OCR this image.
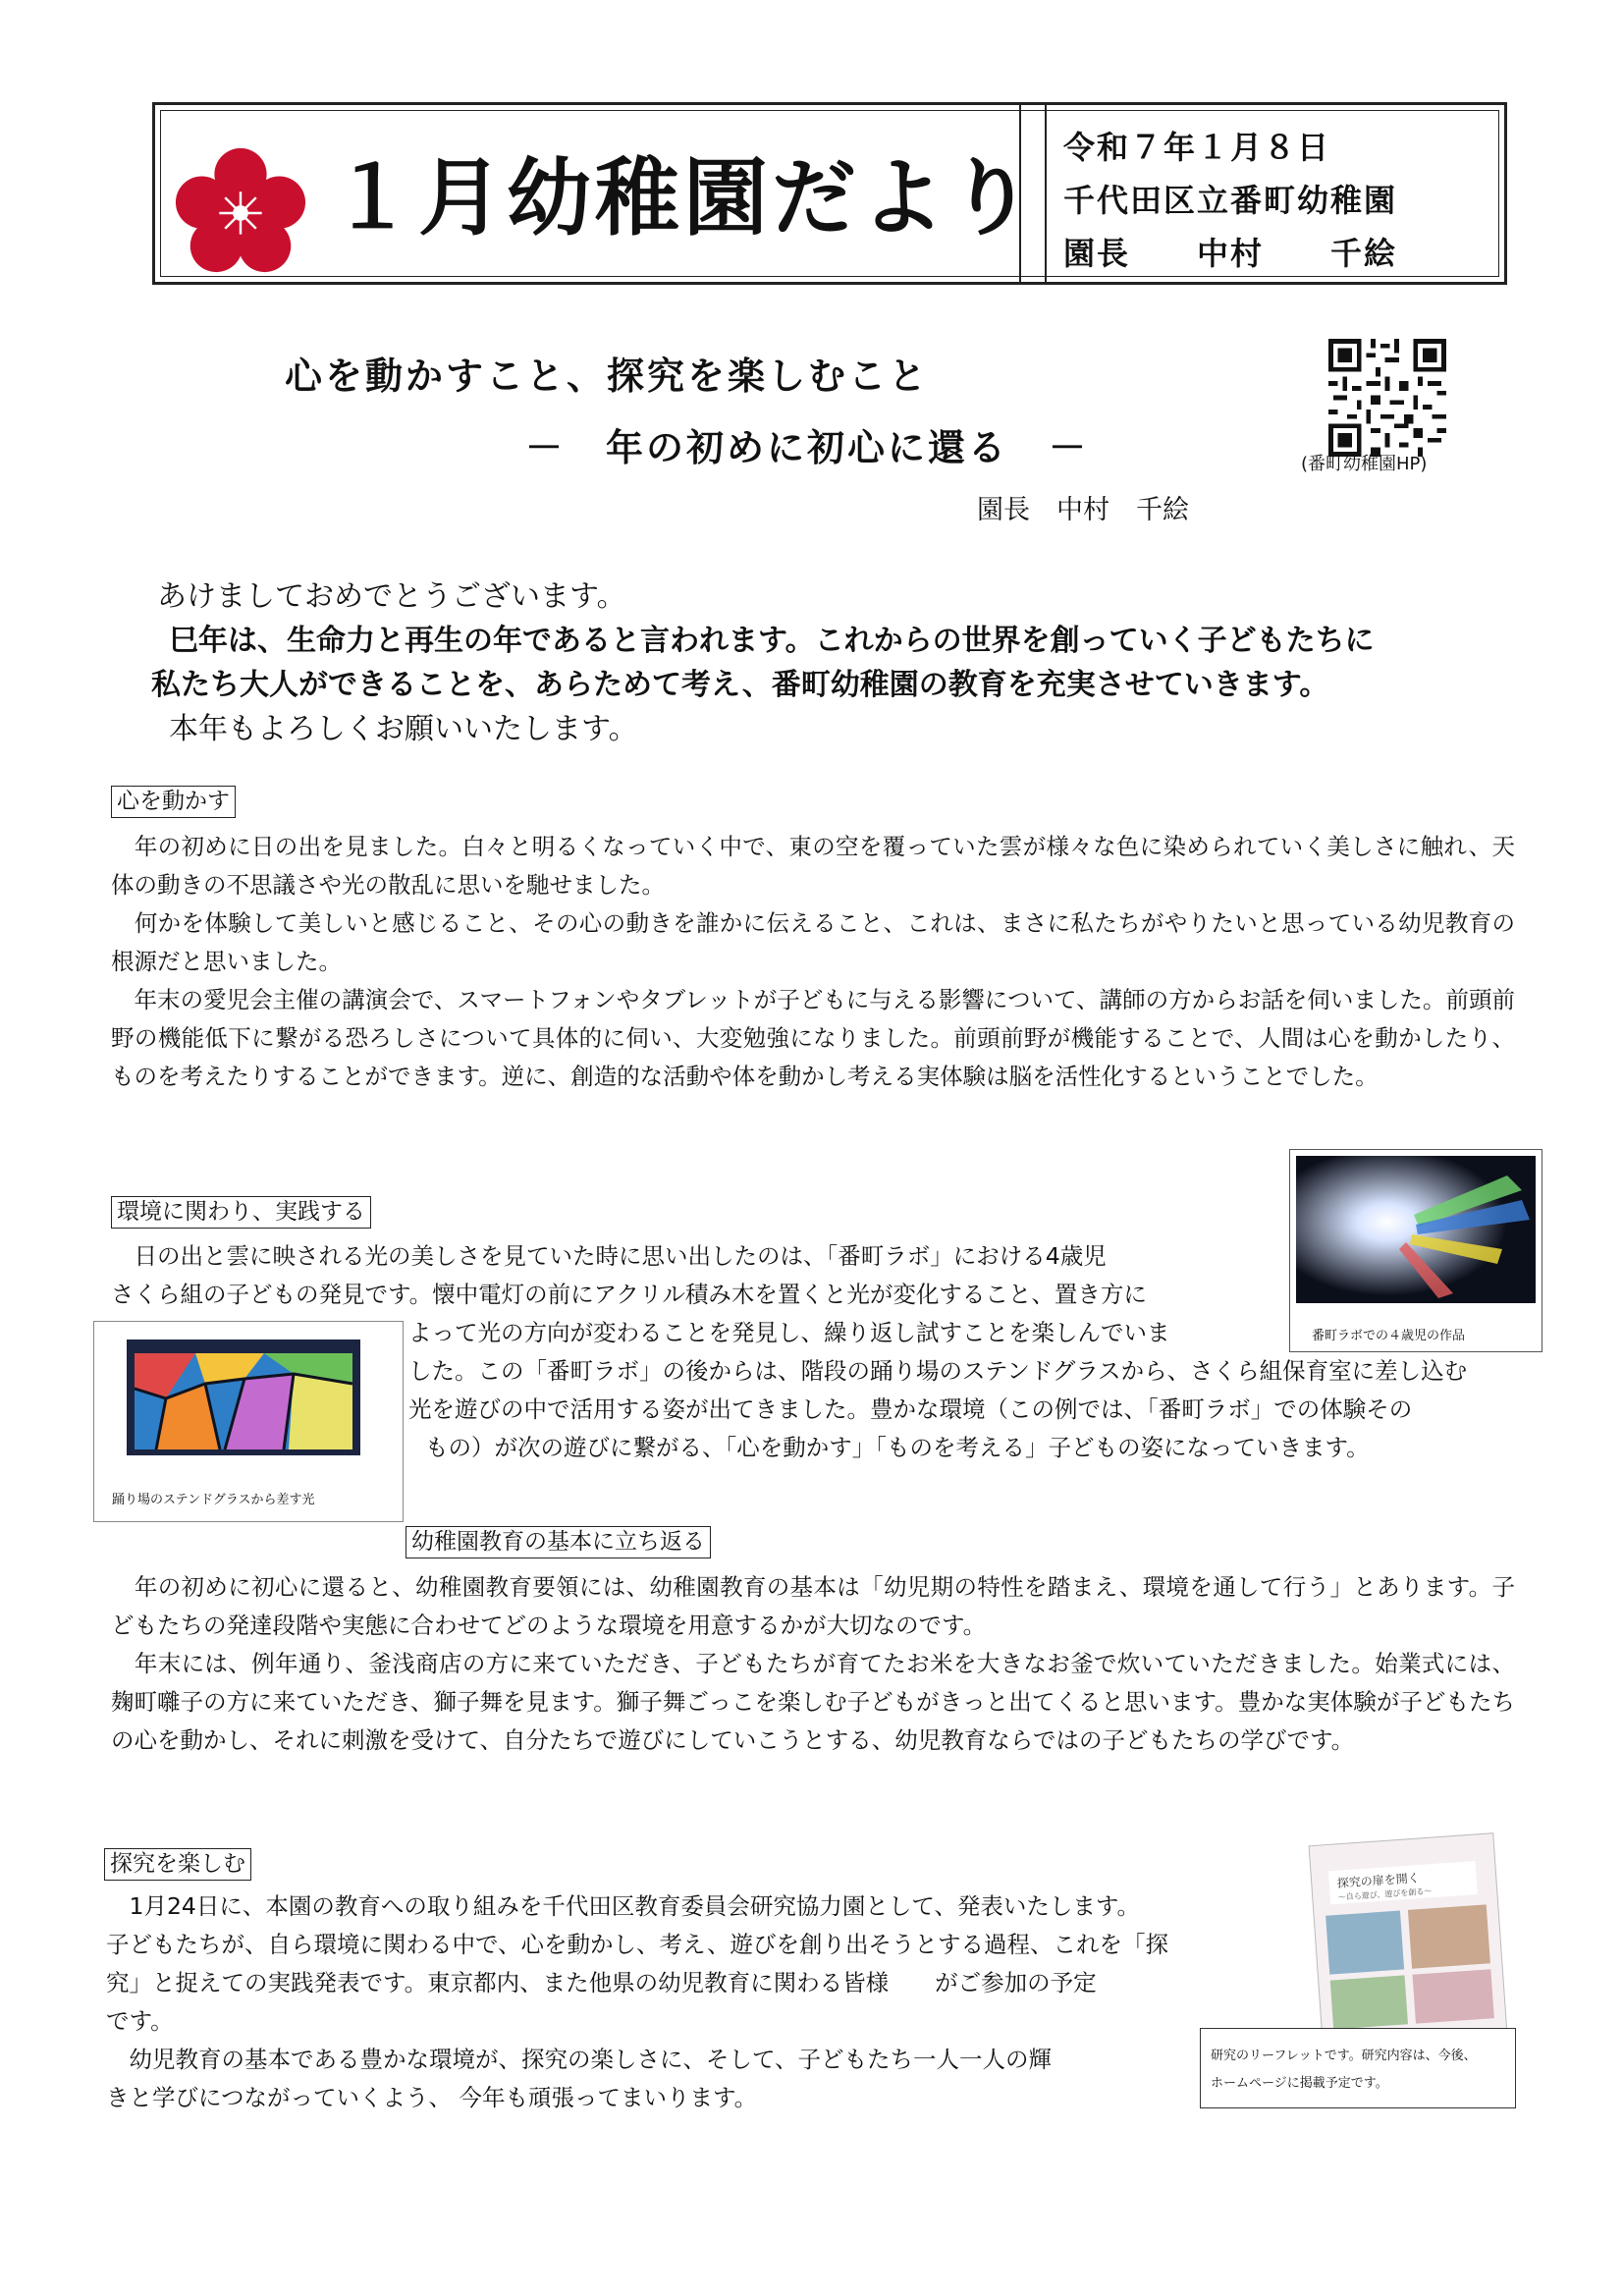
１月幼稚園だより
令和７年１月８日
千代田区立番町幼稚園
園長　　中村　　千絵
心を動かすこと、探究を楽しむこと
－　年の初めに初心に還る　－
園長　中村　千絵
(番町幼稚園HP)

あけましておめでとうございます。

巳年は、生命力と再生の年であると言われます。これからの世界を創っていく子どもたちに

私たち大人ができることを、あらためて考え、番町幼稚園の教育を充実させていきます。

本年もよろしくお願いいたします。

心を動かす

　年の初めに日の出を見ました。白々と明るくなっていく中で、東の空を覆っていた雲が様々な色に染められていく美しさに触れ、天体の動きの不思議さや光の散乱に思いを馳せました。

　何かを体験して美しいと感じること、その心の動きを誰かに伝えること、これは、まさに私たちがやりたいと思っている幼児教育の根源だと思いました。

　年末の愛児会主催の講演会で、スマートフォンやタブレットが子どもに与える影響について、講師の方からお話を伺いました。前頭前野の機能低下に繋がる恐ろしさについて具体的に伺い、大変勉強になりました。前頭前野が機能することで、人間は心を動かしたり、ものを考えたりすることができます。逆に、創造的な活動や体を動かし考える実体験は脳を活性化するということでした。

番町ラボでの４歳児の作品
環境に関わり、実践する

　日の出と雲に映される光の美しさを見ていた時に思い出したのは、「番町ラボ」における4歳児

さくら組の子どもの発見です。懐中電灯の前にアクリル積み木を置くと光が変化すること、置き方に

よって光の方向が変わることを発見し、繰り返し試すことを楽しんでいま

した。この「番町ラボ」の後からは、階段の踊り場のステンドグラスから、さくら組保育室に差し込む

光を遊びの中で活用する姿が出てきました。豊かな環境（この例では、「番町ラボ」での体験その

もの）が次の遊びに繋がる、「心を動かす」「ものを考える」子どもの姿になっていきます。

踊り場のステンドグラスから差す光
幼稚園教育の基本に立ち返る

　年の初めに初心に還ると、幼稚園教育要領には、幼稚園教育の基本は「幼児期の特性を踏まえ、環境を通して行う」とあります。子どもたちの発達段階や実態に合わせてどのような環境を用意するかが大切なのです。

　年末には、例年通り、釜浅商店の方に来ていただき、子どもたちが育てたお米を大きなお釜で炊いていただきました。始業式には、麹町囃子の方に来ていただき、獅子舞を見ます。獅子舞ごっこを楽しむ子どもがきっと出てくると思います。豊かな実体験が子どもたちの心を動かし、それに刺激を受けて、自分たちで遊びにしていこうとする、幼児教育ならではの子どもたちの学びです。

探究を楽しむ

　1月24日に、本園の教育への取り組みを千代田区教育委員会研究協力園として、発表いたします。

子どもたちが、自ら環境に関わる中で、心を動かし、考え、遊びを創り出そうとする過程、これを「探

究」と捉えての実践発表です。東京都内、また他県の幼児教育に関わる皆様　　がご参加の予定

です。

　幼児教育の基本である豊かな環境が、探究の楽しさに、そして、子どもたち一人一人の輝

きと学びにつながっていくよう、 今年も頑張ってまいります。

探究の扉を開く
～自ら遊び、遊びを創る～
研究のリーフレットです。研究内容は、今後、
ホームページに掲載予定です。
